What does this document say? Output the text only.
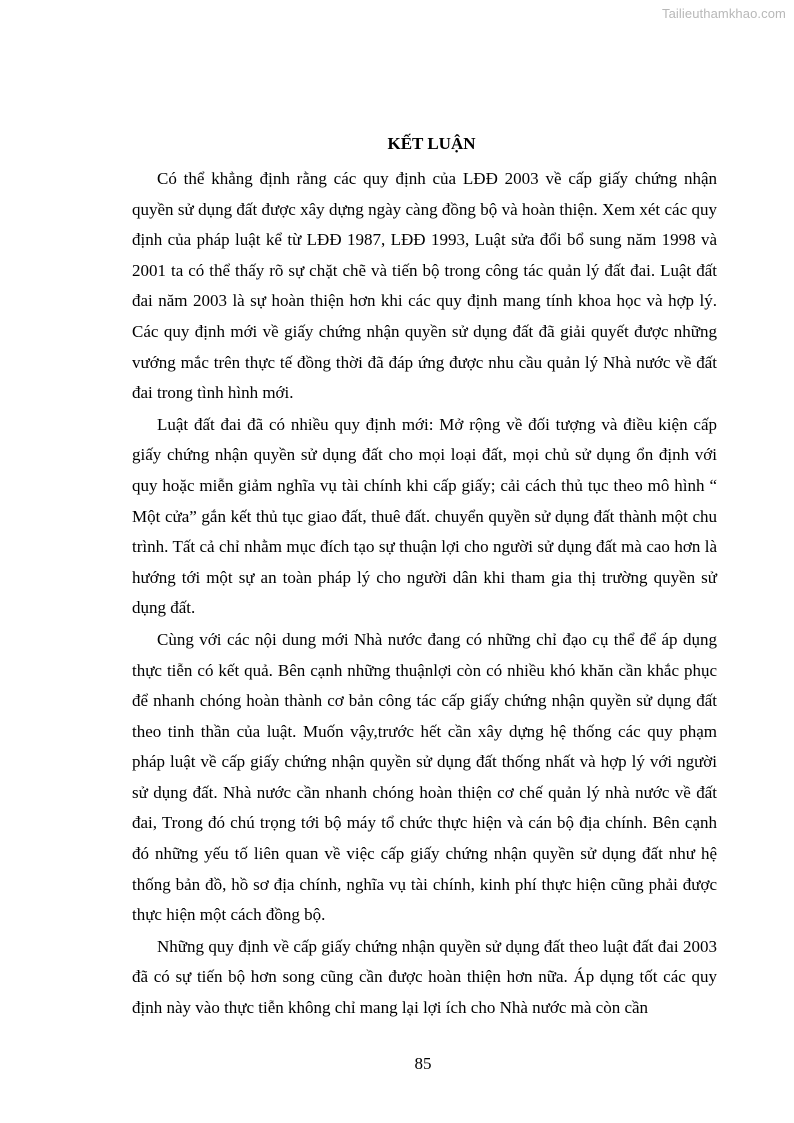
Tailieuthamkhao.com
KẾT LUẬN

Có thể khẳng định rằng các quy định của LĐĐ 2003 về cấp giấy chứng nhận quyền sử dụng đất được xây dựng ngày càng đồng bộ và hoàn thiện. Xem xét các quy định của pháp luật kể từ LĐĐ 1987, LĐĐ 1993, Luật sửa đổi bổ sung năm 1998 và 2001 ta có thể thấy rõ sự chặt chẽ và tiến bộ trong công tác quản lý đất đai. Luật đất đai năm 2003 là sự hoàn thiện hơn khi các quy định mang tính khoa học và hợp lý. Các quy định mới về giấy chứng nhận quyền sử dụng đất đã giải quyết được những vướng mắc trên thực tế đồng thời đã đáp ứng được nhu cầu quản lý Nhà nước về đất đai trong tình hình mới.

Luật đất đai đã có nhiều quy định mới: Mở rộng về đối tượng và điều kiện cấp giấy chứng nhận quyền sử dụng đất cho mọi loại đất, mọi chủ sử dụng ổn định với quy hoặc miễn giảm nghĩa vụ tài chính khi cấp giấy; cải cách thủ tục theo mô hình “ Một cửa” gắn kết thủ tục giao đất, thuê đất. chuyển quyền sử dụng đất thành một chu trình. Tất cả chỉ nhằm mục đích tạo sự thuận lợi cho người sử dụng đất mà cao hơn là hướng tới một sự an toàn pháp lý cho người dân khi tham gia thị trường quyền sử dụng đất.

Cùng với các nội dung mới Nhà nước đang có những chỉ đạo cụ thể để áp dụng thực tiễn có kết quả. Bên cạnh những thuậnlợi còn có nhiều khó khăn cần khắc phục để nhanh chóng hoàn thành cơ bản công tác cấp giấy chứng nhận quyền sử dụng đất theo tinh thần của luật. Muốn vậy,trước hết cần xây dựng hệ thống các quy phạm pháp luật về cấp giấy chứng nhận quyền sử dụng đất thống nhất và hợp lý với người sử dụng đất. Nhà nước cần nhanh chóng hoàn thiện cơ chế quản lý nhà nước về đất đai, Trong đó chú trọng tới bộ máy tổ chức thực hiện và cán bộ địa chính. Bên cạnh đó những yếu tố liên quan về việc cấp giấy chứng nhận quyền sử dụng đất như hệ thống bản đồ, hồ sơ địa chính, nghĩa vụ tài chính, kinh phí thực hiện cũng phải được thực hiện một cách đồng bộ.

Những quy định về cấp giấy chứng nhận quyền sử dụng đất theo luật đất đai 2003 đã có sự tiến bộ hơn song cũng cần được hoàn thiện hơn nữa. Áp dụng tốt các quy định này vào thực tiễn không chỉ mang lại lợi ích cho Nhà nước mà còn cần

85
